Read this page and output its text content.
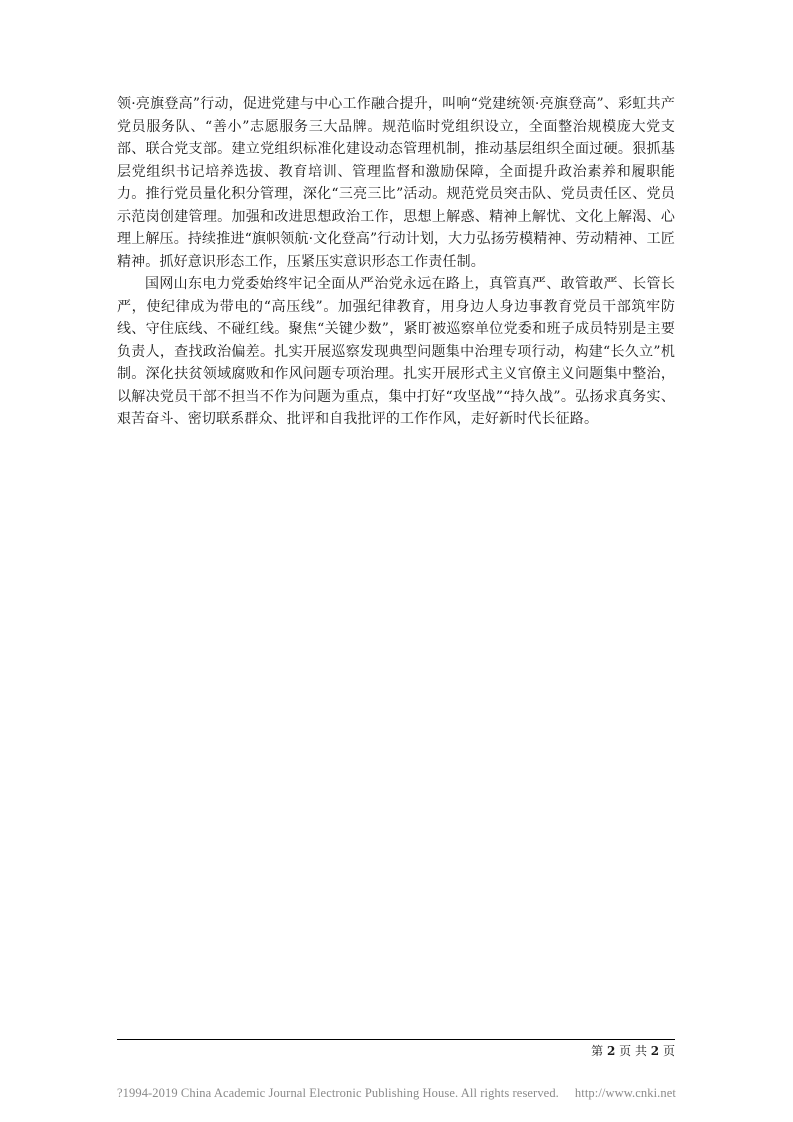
领·亮旗登高”行动，促进党建与中心工作融合提升，叫响“党建统领·亮旗登高”、彩虹共产党员服务队、“善小”志愿服务三大品牌。规范临时党组织设立，全面整治规模庞大党支部、联合党支部。建立党组织标准化建设动态管理机制，推动基层组织全面过硬。狠抓基层党组织书记培养选拔、教育培训、管理监督和激励保障，全面提升政治素养和履职能力。推行党员量化积分管理，深化“三亮三比”活动。规范党员突击队、党员责任区、党员示范岗创建管理。加强和改进思想政治工作，思想上解惑、精神上解忧、文化上解渴、心理上解压。持续推进“旗帜领航·文化登高”行动计划，大力弘扬劳模精神、劳动精神、工匠精神。抓好意识形态工作，压紧压实意识形态工作责任制。

国网山东电力党委始终牢记全面从严治党永远在路上，真管真严、敢管敢严、长管长严，使纪律成为带电的“高压线”。加强纪律教育，用身边人身边事教育党员干部筑牢防线、守住底线、不碰红线。聚焦“关键少数”，紧盯被巡察单位党委和班子成员特别是主要负责人，查找政治偏差。扎实开展巡察发现典型问题集中治理专项行动，构建“长久立”机制。深化扶贫领域腐败和作风问题专项治理。扎实开展形式主义官僚主义问题集中整治，以解决党员干部不担当不作为问题为重点，集中打好“攻坚战”“持久战”。弘扬求真务实、艰苦奋斗、密切联系群众、批评和自我批评的工作作风，走好新时代长征路。

第 2 页 共 2 页
?1994-2019 China Academic Journal Electronic Publishing House. All rights reserved. http://www.cnki.net
